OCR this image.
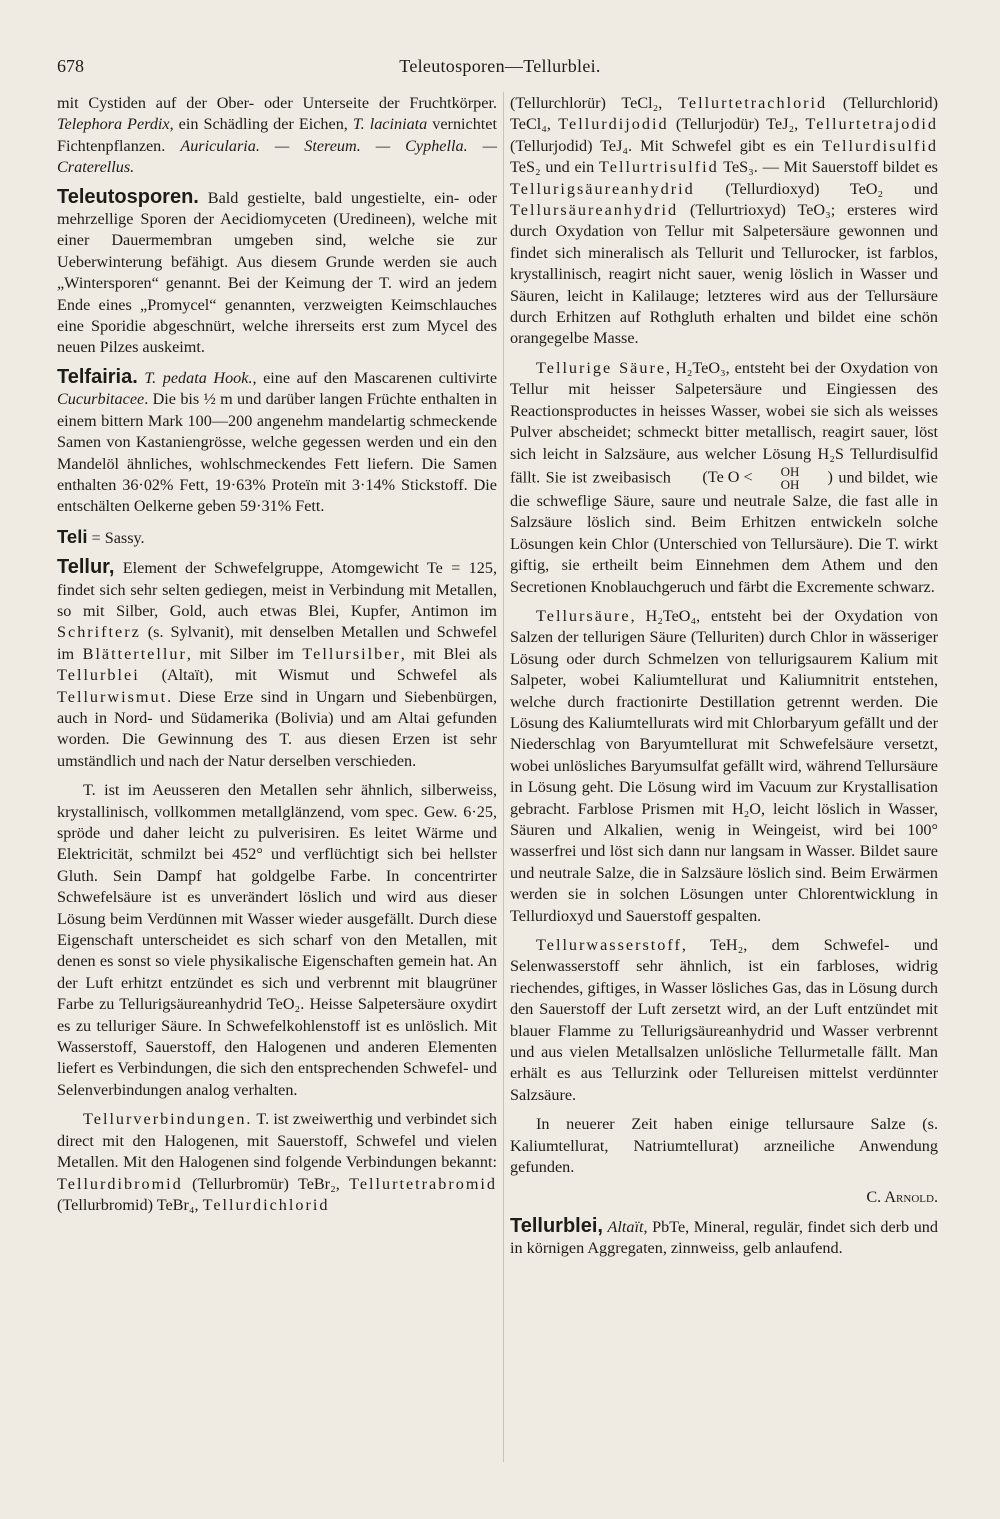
678	Teleutosporen—Tellurblei.

mit Cystiden auf der Ober- oder Unterseite der Fruchtkörper. Telephora Perdix, ein Schädling der Eichen, T. laciniata vernichtet Fichtenpflanzen. Auricularia. — Stereum. — Cyphella. — Craterellus.

Teleutosporen. Bald gestielte, bald ungestielte, ein- oder mehrzellige Sporen der Aecidiomyceten (Uredineen), welche mit einer Dauermembran umgeben sind, welche sie zur Ueberwinterung befähigt. Aus diesem Grunde werden sie auch „Wintersporen“ genannt. Bei der Keimung der T. wird an jedem Ende eines „Promycel“ genannten, verzweigten Keimschlauches eine Sporidie abgeschnürt, welche ihrerseits erst zum Mycel des neuen Pilzes auskeimt.

Telfairia. T. pedata Hook., eine auf den Mascarenen cultivirte Cucurbitacee. Die bis ½ m und darüber langen Früchte enthalten in einem bittern Mark 100—200 angenehm mandelartig schmeckende Samen von Kastaniengrösse, welche gegessen werden und ein den Mandelöl ähnliches, wohlschmeckendes Fett liefern. Die Samen enthalten 36·02% Fett, 19·63% Proteïn mit 3·14% Stickstoff. Die entschälten Oelkerne geben 59·31% Fett.

Teli = Sassy.

Tellur, Element der Schwefelgruppe, Atomgewicht Te = 125, findet sich sehr selten gediegen, meist in Verbindung mit Metallen, so mit Silber, Gold, auch etwas Blei, Kupfer, Antimon im Schrifterz (s. Sylvanit), mit denselben Metallen und Schwefel im Blättertellur, mit Silber im Tellursilber, mit Blei als Tellurblei (Altaït), mit Wismut und Schwefel als Tellurwismut. Diese Erze sind in Ungarn und Siebenbürgen, auch in Nord- und Südamerika (Bolivia) und am Altai gefunden worden. Die Gewinnung des T. aus diesen Erzen ist sehr umständlich und nach der Natur derselben verschieden.

T. ist im Aeusseren den Metallen sehr ähnlich, silberweiss, krystallinisch, vollkommen metallglänzend, vom spec. Gew. 6·25, spröde und daher leicht zu pulverisiren. Es leitet Wärme und Elektricität, schmilzt bei 452° und verflüchtigt sich bei hellster Gluth. Sein Dampf hat goldgelbe Farbe. In concentrirter Schwefelsäure ist es unverändert löslich und wird aus dieser Lösung beim Verdünnen mit Wasser wieder ausgefällt. Durch diese Eigenschaft unterscheidet es sich scharf von den Metallen, mit denen es sonst so viele physikalische Eigenschaften gemein hat. An der Luft erhitzt entzündet es sich und verbrennt mit blaugrüner Farbe zu Tellurigsäureanhydrid TeO₂. Heisse Salpetersäure oxydirt es zu telluriger Säure. In Schwefelkohlenstoff ist es unlöslich. Mit Wasserstoff, Sauerstoff, den Halogenen und anderen Elementen liefert es Verbindungen, die sich den entsprechenden Schwefel- und Selenverbindungen analog verhalten.

Tellurverbindungen. T. ist zweiwerthig und verbindet sich direct mit den Halogenen, mit Sauerstoff, Schwefel und vielen Metallen. Mit den Halogenen sind folgende Verbindungen bekannt: Tellurdibromid (Tellurbromür) TeBr₂, Tellurtetrabromid (Tellurbromid) TeBr₄, Tellurdichlorid

(Tellurchlorür) TeCl₂, Tellurtetrachlorid (Tellurchlorid) TeCl₄, Tellurdijodid (Tellurjodür) TeJ₂, Tellurtetrajodid (Tellurjodid) TeJ₄. Mit Schwefel gibt es ein Tellurdisulfid TeS₂ und ein Tellurtrisulfid TeS₃. — Mit Sauerstoff bildet es Tellurigsäureanhydrid (Tellurdioxyd) TeO₂ und Tellursäureanhydrid (Tellurtrioxyd) TeO₃; ersteres wird durch Oxydation von Tellur mit Salpetersäure gewonnen und findet sich mineralisch als Tellurit und Tellurocker, ist farblos, krystallinisch, reagirt nicht sauer, wenig löslich in Wasser und Säuren, leicht in Kalilauge; letzteres wird aus der Tellursäure durch Erhitzen auf Rothgluth erhalten und bildet eine schön orangegelbe Masse.

Tellurige Säure, H₂TeO₃, entsteht bei der Oxydation von Tellur mit heisser Salpetersäure und Eingiessen des Reactionsproductes in heisses Wasser, wobei sie sich als weisses Pulver abscheidet; schmeckt bitter metallisch, reagirt sauer, löst sich leicht in Salzsäure, aus welcher Lösung H₂S Tellurdisulfid fällt. Sie ist zweibasisch	(Te O <	OH
OH	) und bildet, wie die schweflige Säure, saure und neutrale Salze, die fast alle in Salzsäure löslich sind. Beim Erhitzen entwickeln solche Lösungen kein Chlor (Unterschied von Tellursäure). Die T. wirkt giftig, sie ertheilt beim Einnehmen dem Athem und den Secretionen Knoblauchgeruch und färbt die Excremente schwarz.

Tellursäure, H₂TeO₄, entsteht bei der Oxydation von Salzen der tellurigen Säure (Telluriten) durch Chlor in wässeriger Lösung oder durch Schmelzen von tellurigsaurem Kalium mit Salpeter, wobei Kaliumtellurat und Kaliumnitrit entstehen, welche durch fractionirte Destillation getrennt werden. Die Lösung des Kaliumtellurats wird mit Chlorbaryum gefällt und der Niederschlag von Baryumtellurat mit Schwefelsäure versetzt, wobei unlösliches Baryumsulfat gefällt wird, während Tellursäure in Lösung geht. Die Lösung wird im Vacuum zur Krystallisation gebracht. Farblose Prismen mit H₂O, leicht löslich in Wasser, Säuren und Alkalien, wenig in Weingeist, wird bei 100° wasserfrei und löst sich dann nur langsam in Wasser. Bildet saure und neutrale Salze, die in Salzsäure löslich sind. Beim Erwärmen werden sie in solchen Lösungen unter Chlorentwicklung in Tellurdioxyd und Sauerstoff gespalten.

Tellurwasserstoff, TeH₂, dem Schwefel- und Selenwasserstoff sehr ähnlich, ist ein farbloses, widrig riechendes, giftiges, in Wasser lösliches Gas, das in Lösung durch den Sauerstoff der Luft zersetzt wird, an der Luft entzündet mit blauer Flamme zu Tellurigsäureanhydrid und Wasser verbrennt und aus vielen Metallsalzen unlösliche Tellurmetalle fällt. Man erhält es aus Tellurzink oder Tellureisen mittelst verdünnter Salzsäure.

In neuerer Zeit haben einige tellursaure Salze (s. Kaliumtellurat, Natriumtellurat) arzneiliche Anwendung gefunden.

C. Arnold.

Tellurblei, Altaït, PbTe, Mineral, regulär, findet sich derb und in körnigen Aggregaten, zinnweiss, gelb anlaufend.
